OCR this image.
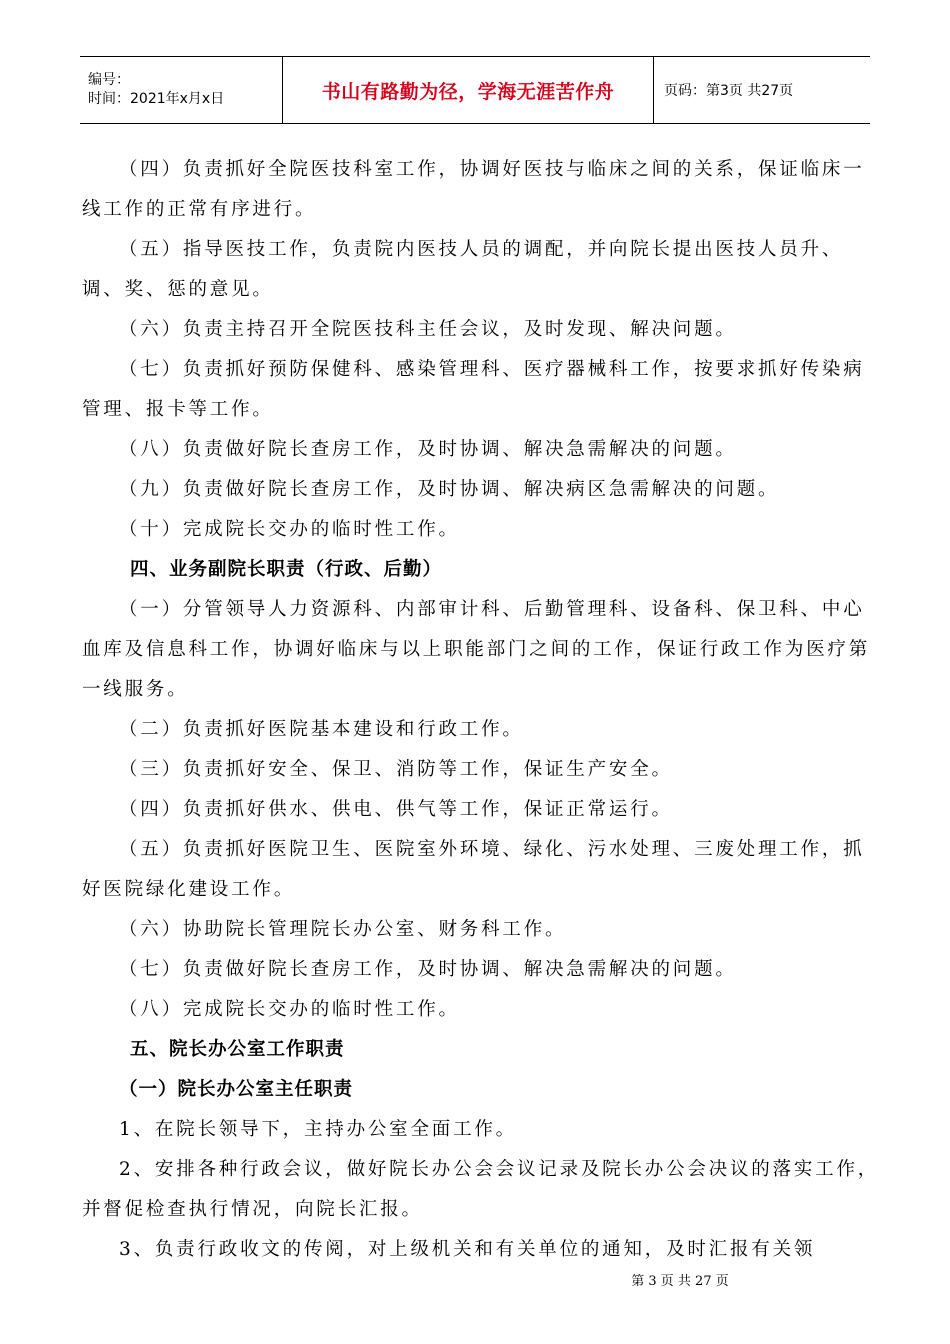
编号：
时间：2021年x月x日	书山有路勤为径，学海无涯苦作舟	页码：第3页 共27页

（四）负责抓好全院医技科室工作，协调好医技与临床之间的关系，保证临床一线工作的正常有序进行。

（五）指导医技工作，负责院内医技人员的调配，并向院长提出医技人员升、调、奖、惩的意见。

（六）负责主持召开全院医技科主任会议，及时发现、解决问题。

（七）负责抓好预防保健科、感染管理科、医疗器械科工作，按要求抓好传染病管理、报卡等工作。

（八）负责做好院长查房工作，及时协调、解决急需解决的问题。

（九）负责做好院长查房工作，及时协调、解决病区急需解决的问题。

（十）完成院长交办的临时性工作。

四、业务副院长职责（行政、后勤）

（一）分管领导人力资源科、内部审计科、后勤管理科、设备科、保卫科、中心血库及信息科工作，协调好临床与以上职能部门之间的工作，保证行政工作为医疗第一线服务。

（二）负责抓好医院基本建设和行政工作。

（三）负责抓好安全、保卫、消防等工作，保证生产安全。

（四）负责抓好供水、供电、供气等工作，保证正常运行。

（五）负责抓好医院卫生、医院室外环境、绿化、污水处理、三废处理工作，抓好医院绿化建设工作。

（六）协助院长管理院长办公室、财务科工作。

（七）负责做好院长查房工作，及时协调、解决急需解决的问题。

（八）完成院长交办的临时性工作。

五、院长办公室工作职责

（一）院长办公室主任职责

1、在院长领导下，主持办公室全面工作。

2、安排各种行政会议，做好院长办公会会议记录及院长办公会决议的落实工作，并督促检查执行情况，向院长汇报。

3、负责行政收文的传阅，对上级机关和有关单位的通知，及时汇报有关领

第 3 页 共 27 页
